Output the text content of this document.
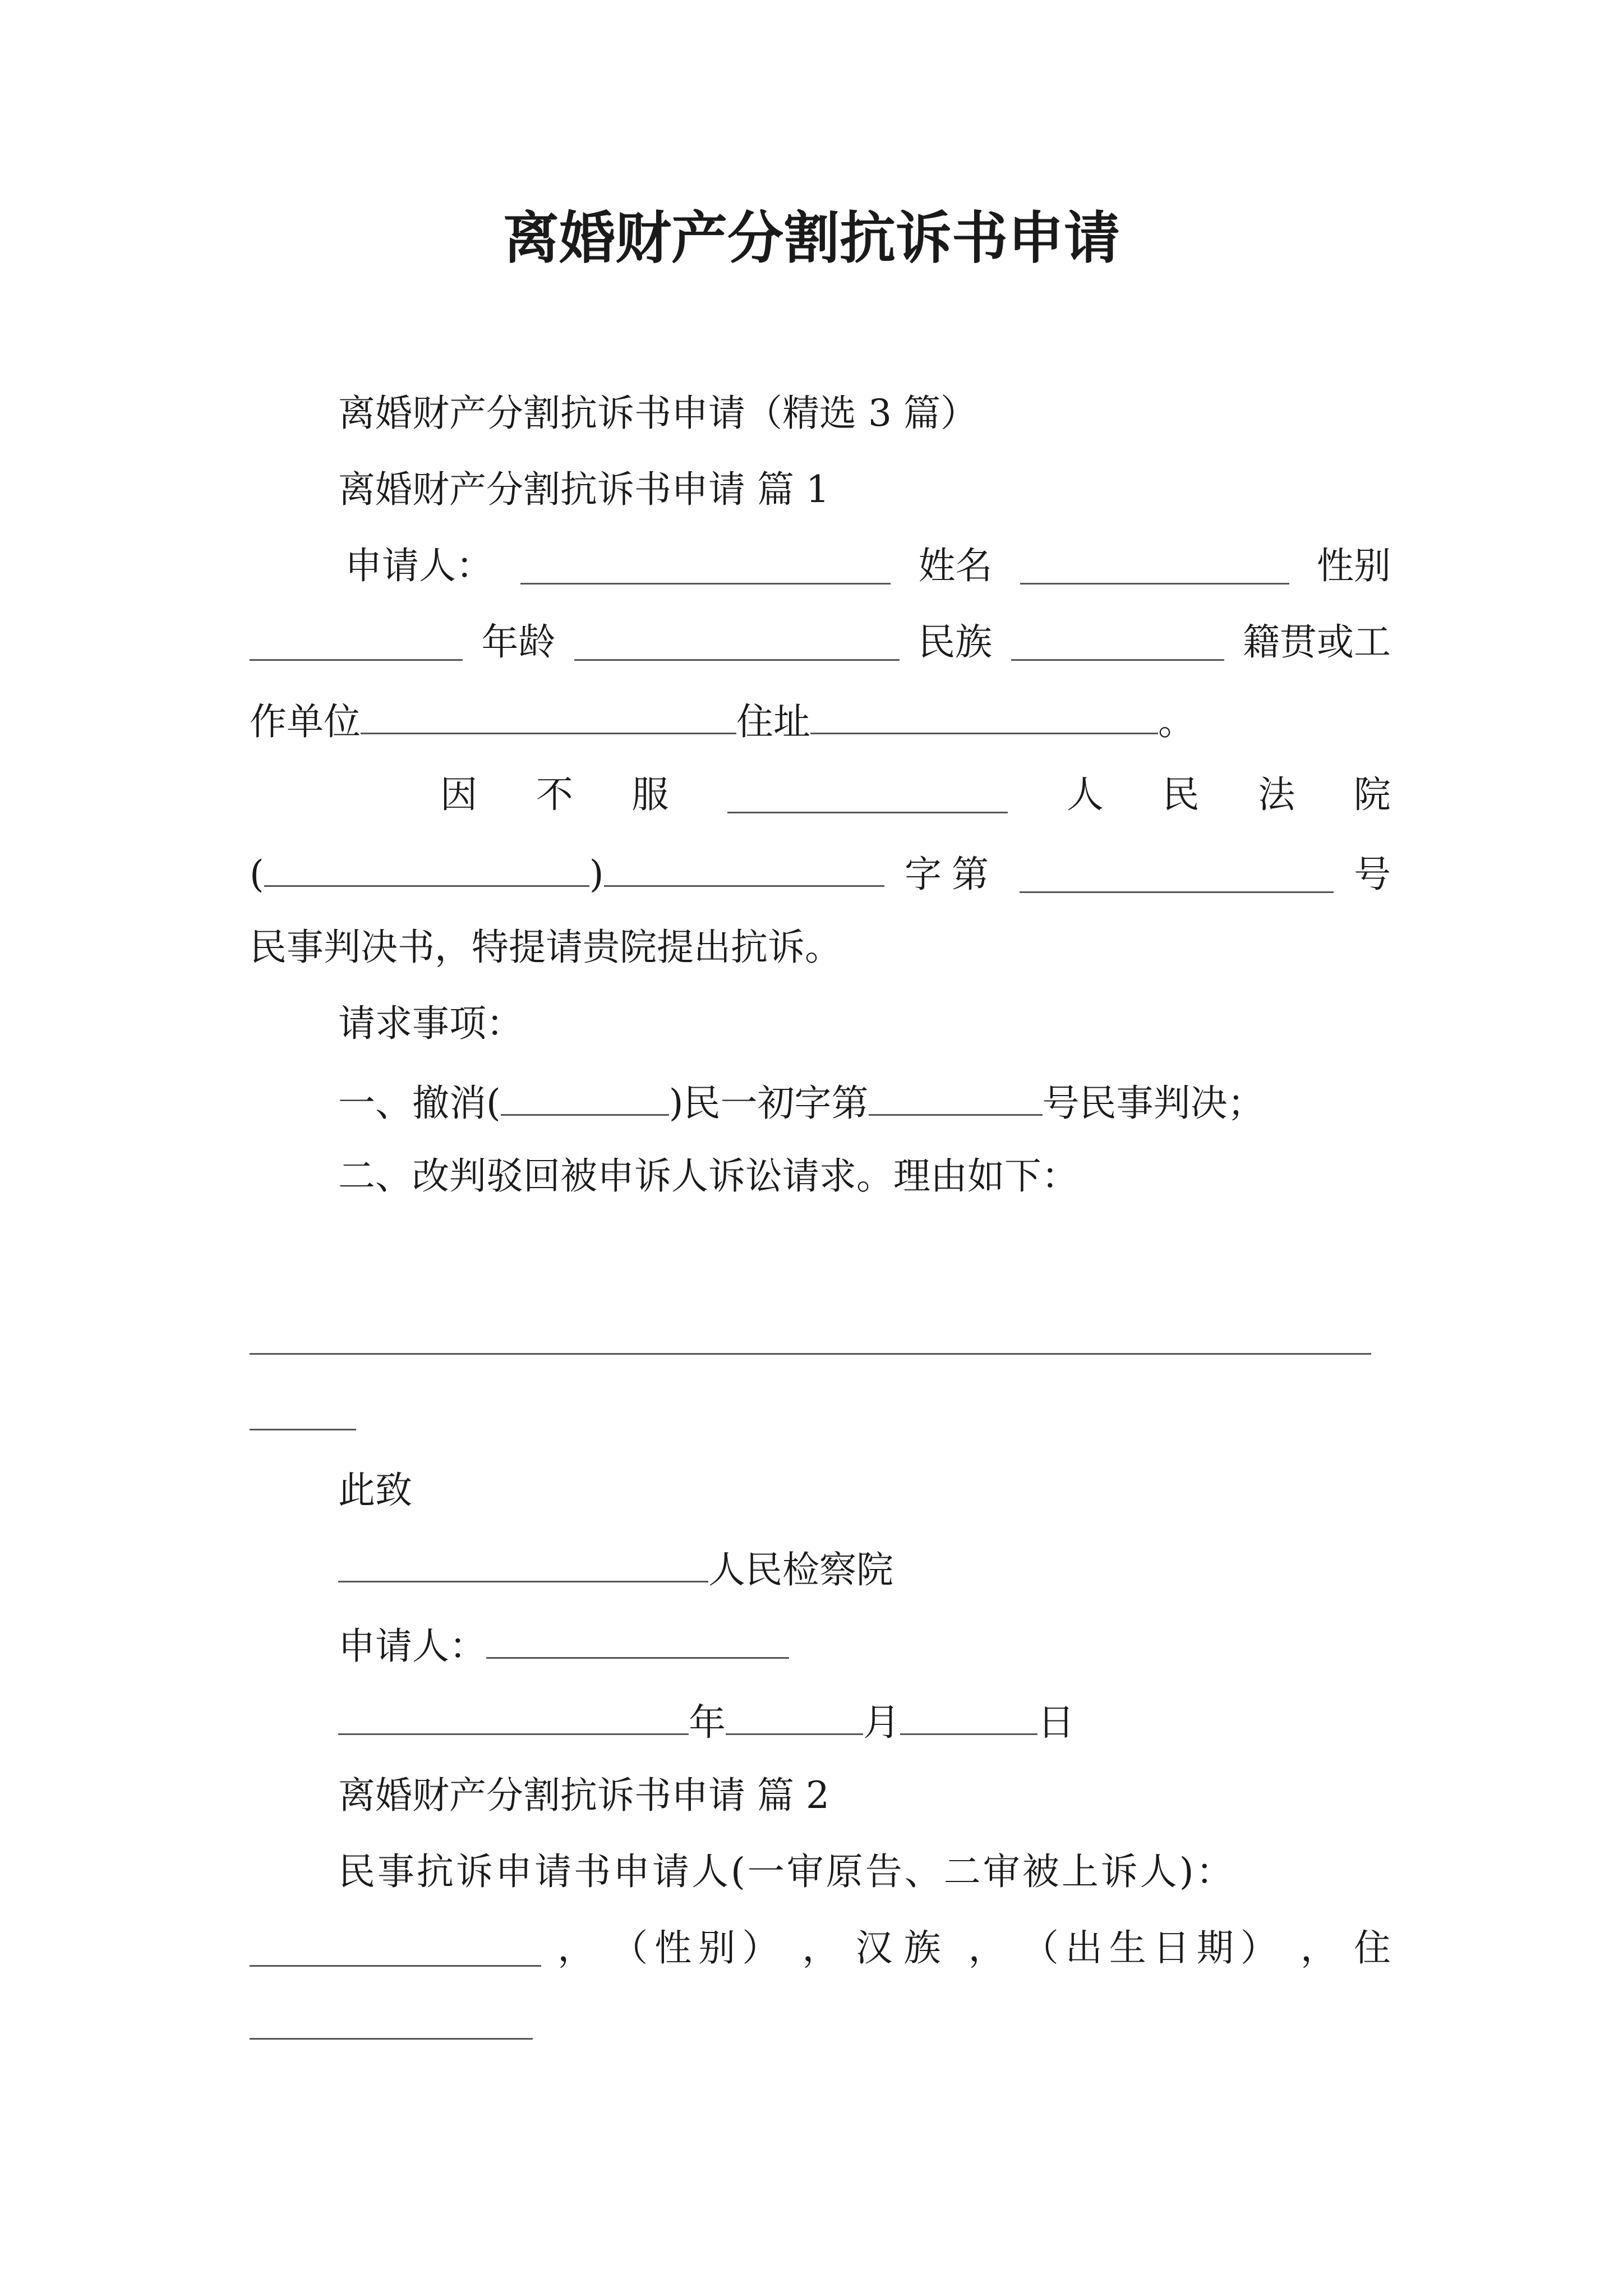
离婚财产分割抗诉书申请
离婚财产分割抗诉书申请（精选 3 篇）
离婚财产分割抗诉书申请 篇 1
申请人：	姓名	性别
年龄	民族	籍贯或工
作单位	住址	。
因 不 服	人 民 法 院
(	)	字第	号
民事判决书，特提请贵院提出抗诉。
请求事项：
一、撤消(	)民一初字第	号民事判决；
二、改判驳回被申诉人诉讼请求。理由如下：
此致
人民检察院
申请人：
年	月	日
离婚财产分割抗诉书申请 篇 2
民事抗诉申请书申请人(一审原告、二审被上诉人)：
， （性别） ， 汉族 ， （出生日期） ， 住
